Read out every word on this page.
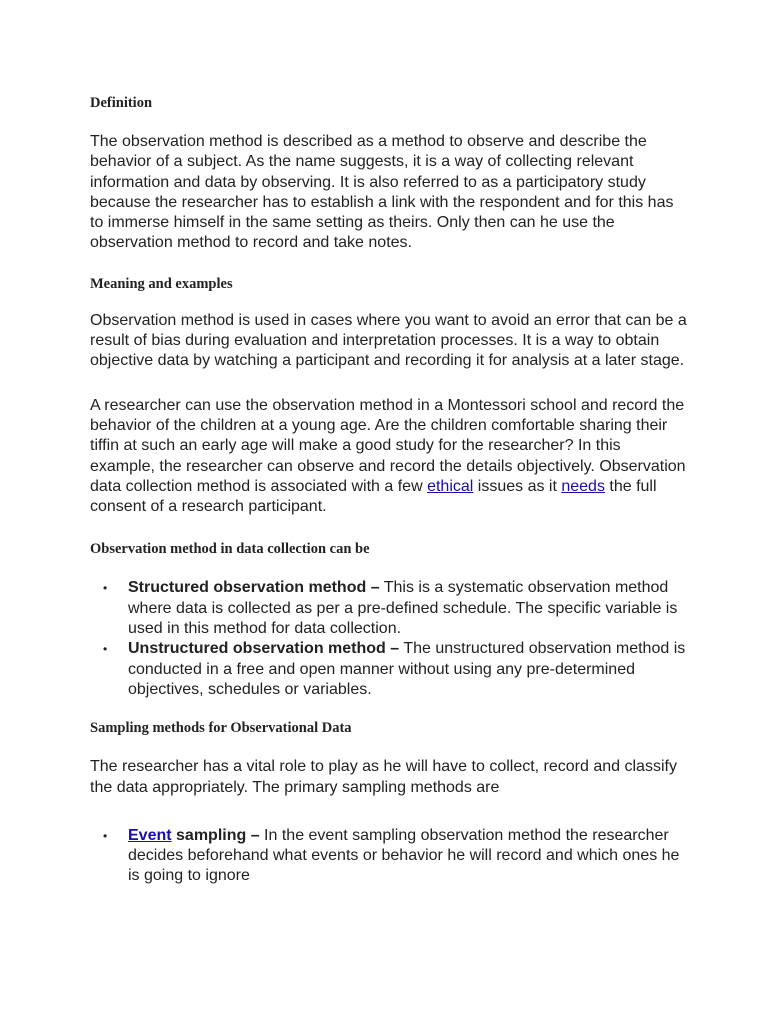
Definition

The observation method is described as a method to observe and describe the behavior of a subject. As the name suggests, it is a way of collecting relevant information and data by observing. It is also referred to as a participatory study because the researcher has to establish a link with the respondent and for this has to immerse himself in the same setting as theirs. Only then can he use the observation method to record and take notes.

Meaning and examples

Observation method is used in cases where you want to avoid an error that can be a result of bias during evaluation and interpretation processes. It is a way to obtain objective data by watching a participant and recording it for analysis at a later stage.

A researcher can use the observation method in a Montessori school and record the behavior of the children at a young age. Are the children comfortable sharing their tiffin at such an early age will make a good study for the researcher? In this example, the researcher can observe and record the details objectively. Observation data collection method is associated with a few ethical issues as it needs the full consent of a research participant.

Observation method in data collection can be
• Structured observation method – This is a systematic observation method where data is collected as per a pre-defined schedule. The specific variable is used in this method for data collection.
• Unstructured observation method – The unstructured observation method is conducted in a free and open manner without using any pre-determined objectives, schedules or variables.
Sampling methods for Observational Data

The researcher has a vital role to play as he will have to collect, record and classify the data appropriately. The primary sampling methods are

• Event sampling – In the event sampling observation method the researcher decides beforehand what events or behavior he will record and which ones he is going to ignore
